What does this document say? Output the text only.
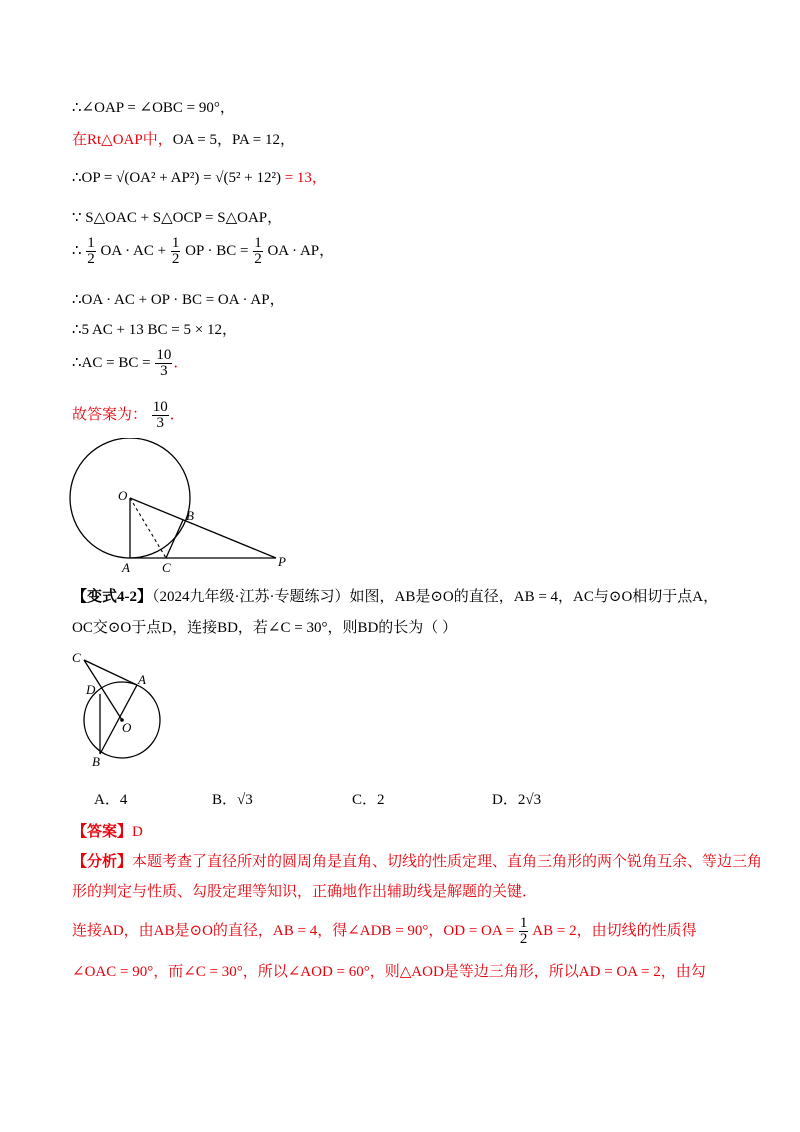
∴∠OAP = ∠OBC = 90°，
在Rt△OAP中，OA = 5，PA = 12，
∴OP = √(OA² + AP²) = √(5² + 12²) = 13，
∵ S△OAC + S△OCP = S△OAP，
∴ $\frac{1}{2}$ OA · AC + $\frac{1}{2}$ OP · BC = $\frac{1}{2}$ OA · AP，
∴OA · AC + OP · BC = OA · AP，
∴5 AC + 13 BC = 5 × 12，
∴AC = BC = $\frac{10}{3}$ ．
故答案为： $\frac{10}{3}$ ．
O
B
A C	P
【变式4-2】（2024九年级·江苏·专题练习）如图，AB是⊙O的直径，AB = 4，AC与⊙O相切于点A，
OC交⊙O于点D，连接BD，若∠C = 30°，则BD的长为（ ）
C
A
D
O
B
A．4	B．√3	C．2	D．2√3
【答案】D
【分析】本题考查了直径所对的圆周角是直角、切线的性质定理、直角三角形的两个锐角互余、等边三角
形的判定与性质、勾股定理等知识，正确地作出辅助线是解题的关键．
连接AD，由AB是⊙O的直径，AB = 4，得∠ADB = 90°，OD = OA = $\frac{1}{2}$ AB = 2，由切线的性质得
∠OAC = 90°，而∠C = 30°，所以∠AOD = 60°，则△AOD是等边三角形，所以AD = OA = 2，由勾
